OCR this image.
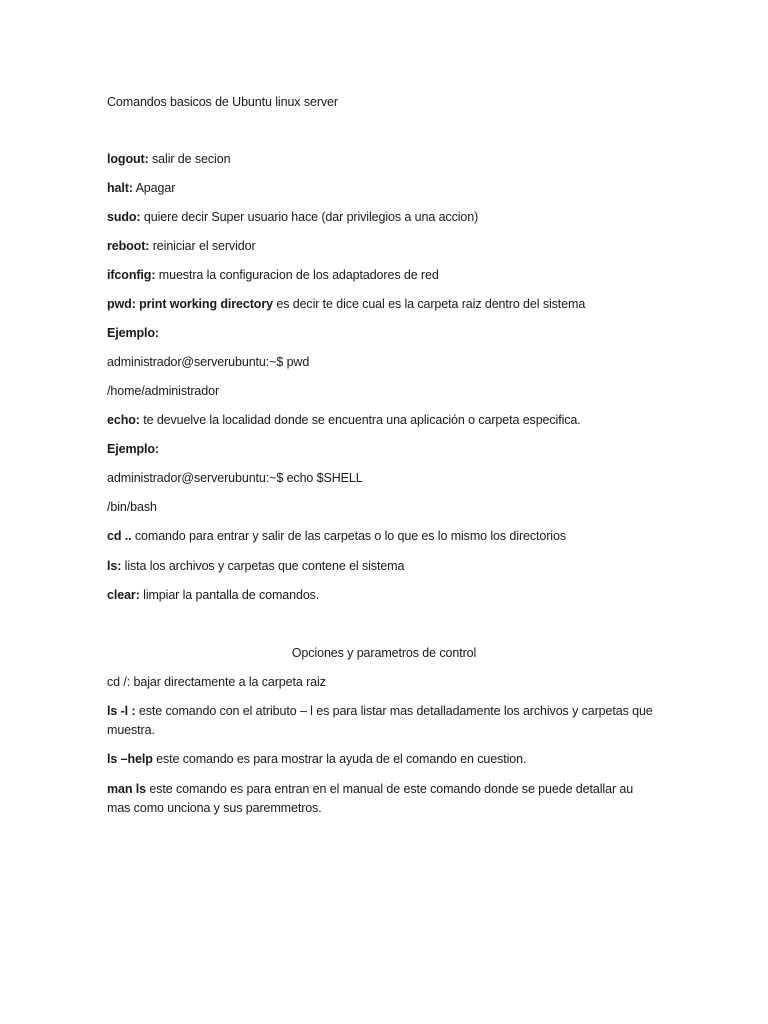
Comandos basicos de Ubuntu linux server
logout: salir de secion
halt: Apagar
sudo: quiere decir Super usuario hace (dar privilegios a una accion)
reboot: reiniciar el servidor
ifconfig: muestra la configuracion de los adaptadores de red
pwd: print working directory es decir te dice cual es la carpeta raiz dentro del sistema
Ejemplo:
administrador@serverubuntu:~$ pwd
/home/administrador
echo: te devuelve la localidad donde se encuentra una aplicación o carpeta especifica.
Ejemplo:
administrador@serverubuntu:~$ echo $SHELL
/bin/bash
cd .. comando para entrar y salir de las carpetas o lo que es lo mismo los directorios
ls: lista los archivos y carpetas que contene el sistema
clear: limpiar la pantalla de comandos.
Opciones y parametros de control
cd /: bajar directamente a la carpeta raiz
ls -l : este comando con el atributo – l es para listar mas detalladamente los archivos y carpetas que muestra.
ls –help este comando es para mostrar la ayuda de el comando en cuestion.
man ls este comando es para entran en el manual de este comando donde se puede detallar au mas como unciona y sus paremmetros.
